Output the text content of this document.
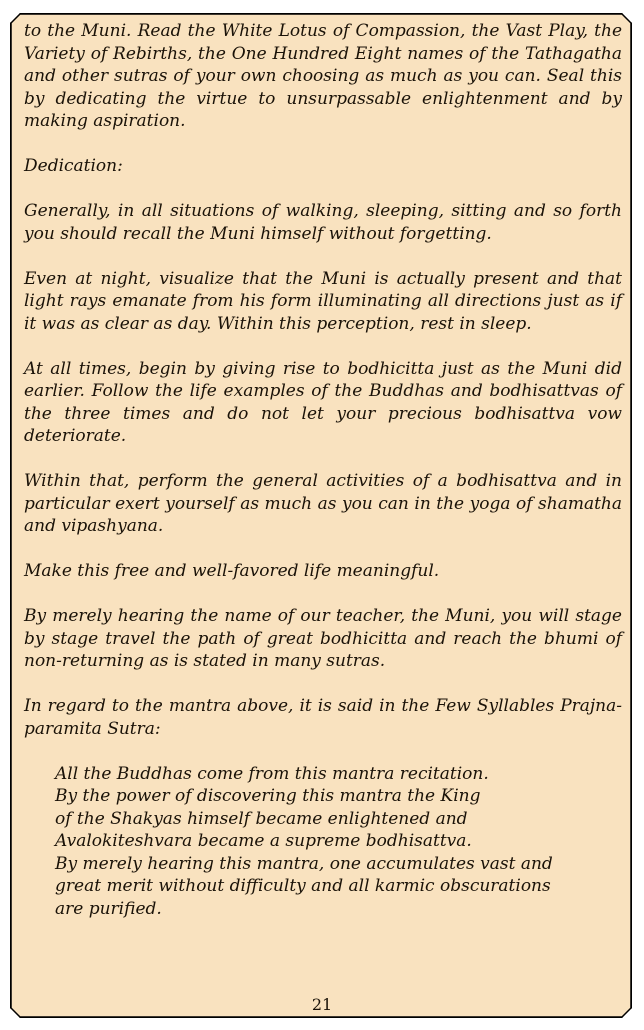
to the Muni. Read the White Lotus of Compassion, the Vast Play, the Variety of Rebirths, the One Hundred Eight names of the Tathagatha and other sutras of your own choosing as much as you can. Seal this by dedicating the virtue to unsurpassable enlightenment and by making aspiration.

Dedication:

Generally, in all situations of walking, sleeping, sitting and so forth you should recall the Muni himself without forgetting.

Even at night, visualize that the Muni is actually present and that light rays emanate from his form illuminating all directions just as if it was as clear as day. Within this perception, rest in sleep.

At all times, begin by giving rise to bodhicitta just as the Muni did earlier. Follow the life examples of the Buddhas and bodhisattvas of the three times and do not let your precious bodhisattva vow deteriorate.

Within that, perform the general activities of a bodhisattva and in particular exert yourself as much as you can in the yoga of shamatha and vipashyana.

Make this free and well-favored life meaningful.

By merely hearing the name of our teacher, the Muni, you will stage by stage travel the path of great bodhicitta and reach the bhumi of non-returning as is stated in many sutras.

In regard to the mantra above, it is said in the Few Syllables Prajnaparamita Sutra:

All the Buddhas come from this mantra recitation.
By the power of discovering this mantra the King
of the Shakyas himself became enlightened and
Avalokiteshvara became a supreme bodhisattva.
By merely hearing this mantra, one accumulates vast and
great merit without difficulty and all karmic obscurations
are purified.
21
